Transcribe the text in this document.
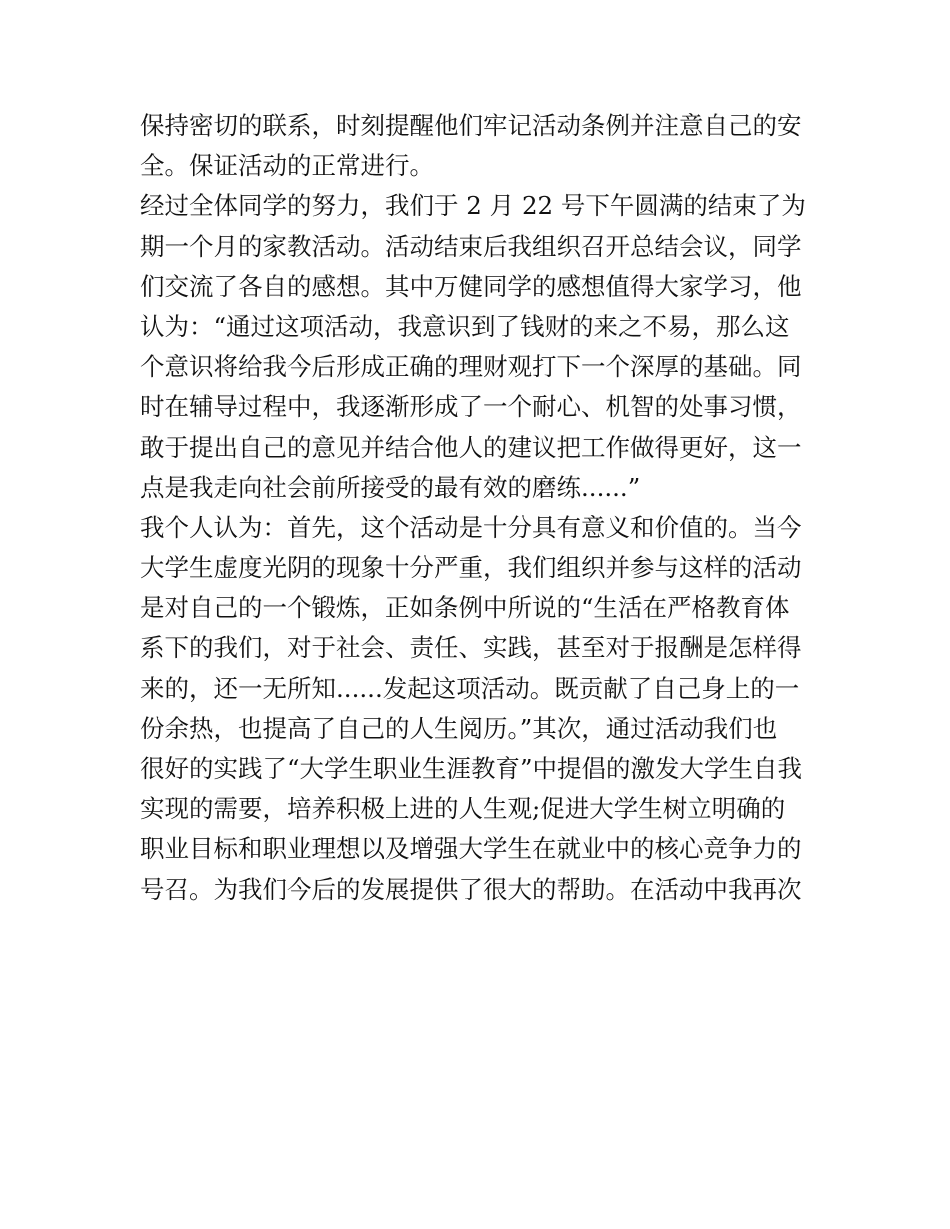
保持密切的联系，时刻提醒他们牢记活动条例并注意自己的安
全。保证活动的正常进行。
经过全体同学的努力，我们于 2 月 22 号下午圆满的结束了为
期一个月的家教活动。活动结束后我组织召开总结会议，同学
们交流了各自的感想。其中万健同学的感想值得大家学习，他
认为：“通过这项活动，我意识到了钱财的来之不易，那么这
个意识将给我今后形成正确的理财观打下一个深厚的基础。同
时在辅导过程中，我逐渐形成了一个耐心、机智的处事习惯，
敢于提出自己的意见并结合他人的建议把工作做得更好，这一
点是我走向社会前所接受的最有效的磨练......”
我个人认为：首先，这个活动是十分具有意义和价值的。当今
大学生虚度光阴的现象十分严重，我们组织并参与这样的活动
是对自己的一个锻炼，正如条例中所说的“生活在严格教育体
系下的我们，对于社会、责任、实践，甚至对于报酬是怎样得
来的，还一无所知......发起这项活动。既贡献了自己身上的一
份余热，也提高了自己的人生阅历。”其次，通过活动我们也
很好的实践了“大学生职业生涯教育”中提倡的激发大学生自我
实现的需要，培养积极上进的人生观;促进大学生树立明确的
职业目标和职业理想以及增强大学生在就业中的核心竞争力的
号召。为我们今后的发展提供了很大的帮助。在活动中我再次
